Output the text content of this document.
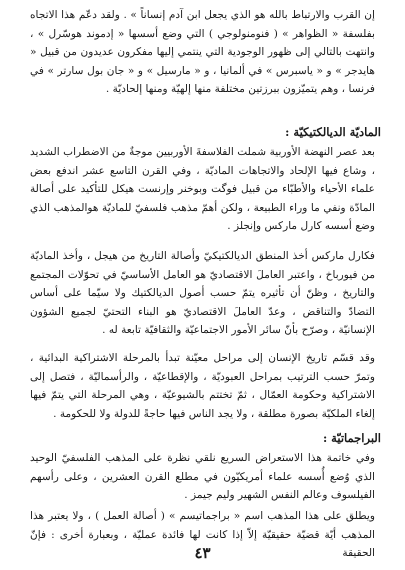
إن القرب والارتباط بالله هو الذي يجعل ابن آدم إنساناً » . ولقد دعّم هذا الاتجاه بفلسفة « الظواهر » ( فنومنولوجي ) التي وضع أسسها « إدموند هوسّرل » ، وانتهت بالتالي إلى ظهور الوجودية التي ينتمي إليها مفكرون عديدون من قبيل « هايدجر » و « ياسبرس » في ألمانيا ، و « مارسيل » و « جان بول سارتر » في فرنسا ، وهم يتميّزون ببرزتين مختلفة منها إلهيّة ومنها إلحاديّة .

الماديّة الديالكتيكيّة :

بعد عصر النهضة الأوربية شملت الفلاسفةَ الأوربيين موجةٌ من الاضطراب الشديد ، وشاع فيها الإلحاد والاتجاهات الماديّة ، وفي القرن التاسع عشر اندفع بعض علماء الأحياء والأطبّاء من قبيل فوگت وبوخنر وإرنست هيكل للتأكيد على أصالة المادّة ونفي ما وراء الطبيعة ، ولكن أهمّ مذهب فلسفيّ للماديّة هوالمذهب الذي وضع أسسه كارل ماركس وإنجلز .

فكارل ماركس أخذ المنطق الديالكتيكيّ وأصالة التاريخ من هيجل ، وأخذ الماديّة من فيورباخ ، واعتبر العاملَ الاقتصاديّ هو العامل الأساسيّ في تحوّلات المجتمع والتاريخ ، وظنّ أن تأثيره يتمّ حسب أصول الديالكتيك ولا سيّما على أساس التضادّ والتناقض ، وعدّ العاملَ الاقتصاديّ هو البناء التحتيّ لجميع الشؤون الإنسانيّة ، وصرّح بأنّ سائر الأمور الاجتماعيّة والثقافيّة تابعة له .

وقد قسّم تاريخ الإنسان إلى مراحل معيّنة تبدأ بالمرحلة الاشتراكية البدائية ، وتمرّ حسب الترتيب بمراحل العبوديّة ، والإقطاعيّة ، والرأسماليّة ، فتصل إلى الاشتراكية وحكومة العمّال ، ثمّ تختتم بالشيوعيّة ، وهي المرحلة التي يتمّ فيها إلغاء الملكيّة بصورة مطلقة ، ولا يجد الناس فيها حاجةً للدولة ولا للحكومة .

البراجماتيّة :

وفي خاتمة هذا الاستعراض السريع نلقي نظرة على المذهب الفلسفيّ الوحيد الذي وُضع أُسسه علماء أمريكيّون في مطلع القرن العشرين ، وعلى رأسهم الفيلسوف وعالم النفس الشهير وليم جيمز .

ويطلق على هذا المذهب اسم « براجماتيسم » ( أصالة العمل ) ، ولا يعتبر هذا المذهب أيّة قضيّة حقيقيّة إلاّ إذا كانت لها فائدة عمليّة ، وبعبارة أخرى : فإنّ الحقيقة

٤٣
